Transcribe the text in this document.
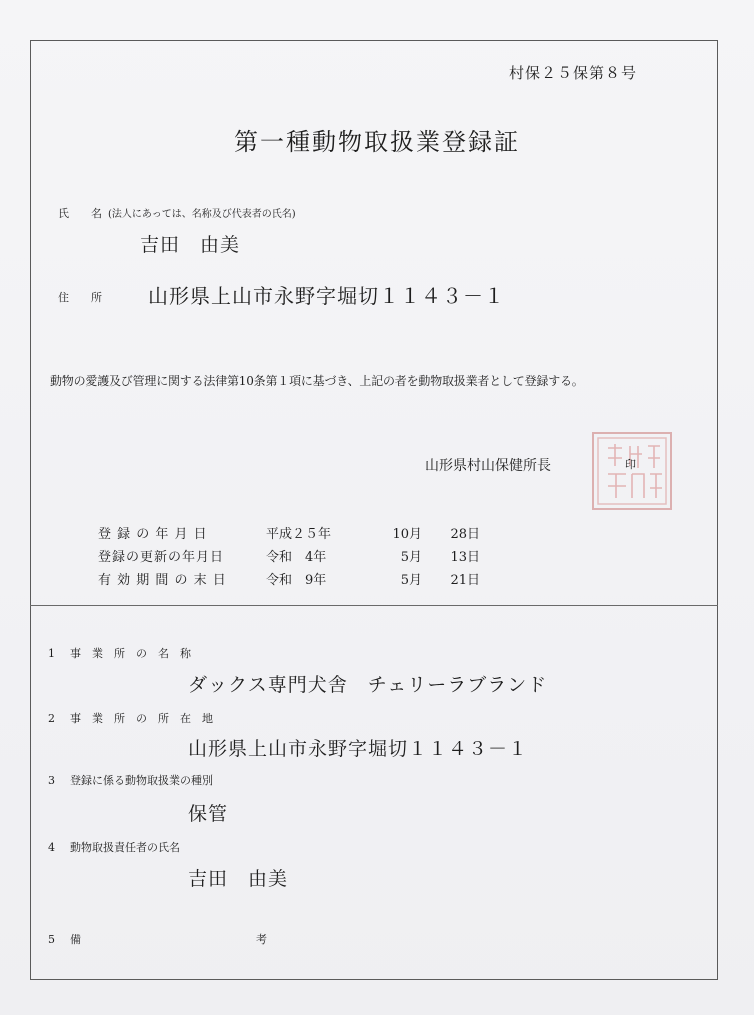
村保２５保第８号
第一種動物取扱業登録証
氏 名 (法人にあっては、名称及び代表者の氏名)
吉田　由美
住 所 山形県上山市永野字堀切１１４３－１
動物の愛護及び管理に関する法律第10条第１項に基づき、上記の者を動物取扱業者として登録する。
山形県村山保健所長	印
登 録 の 年 月 日	平成２５年	10月 28日
登録の更新の年月日	令和　4年	5月 13日
有 効 期 間 の 末 日	令和　9年	5月 21日
1 事　業　所　の　名　称
ダックス専門犬舎　チェリーラブランド
2 事　業　所　の　所　在　地
山形県上山市永野字堀切１１４３－１
3 登録に係る動物取扱業の種別
保管
4 動物取扱責任者の氏名
吉田　由美
5 備	考
